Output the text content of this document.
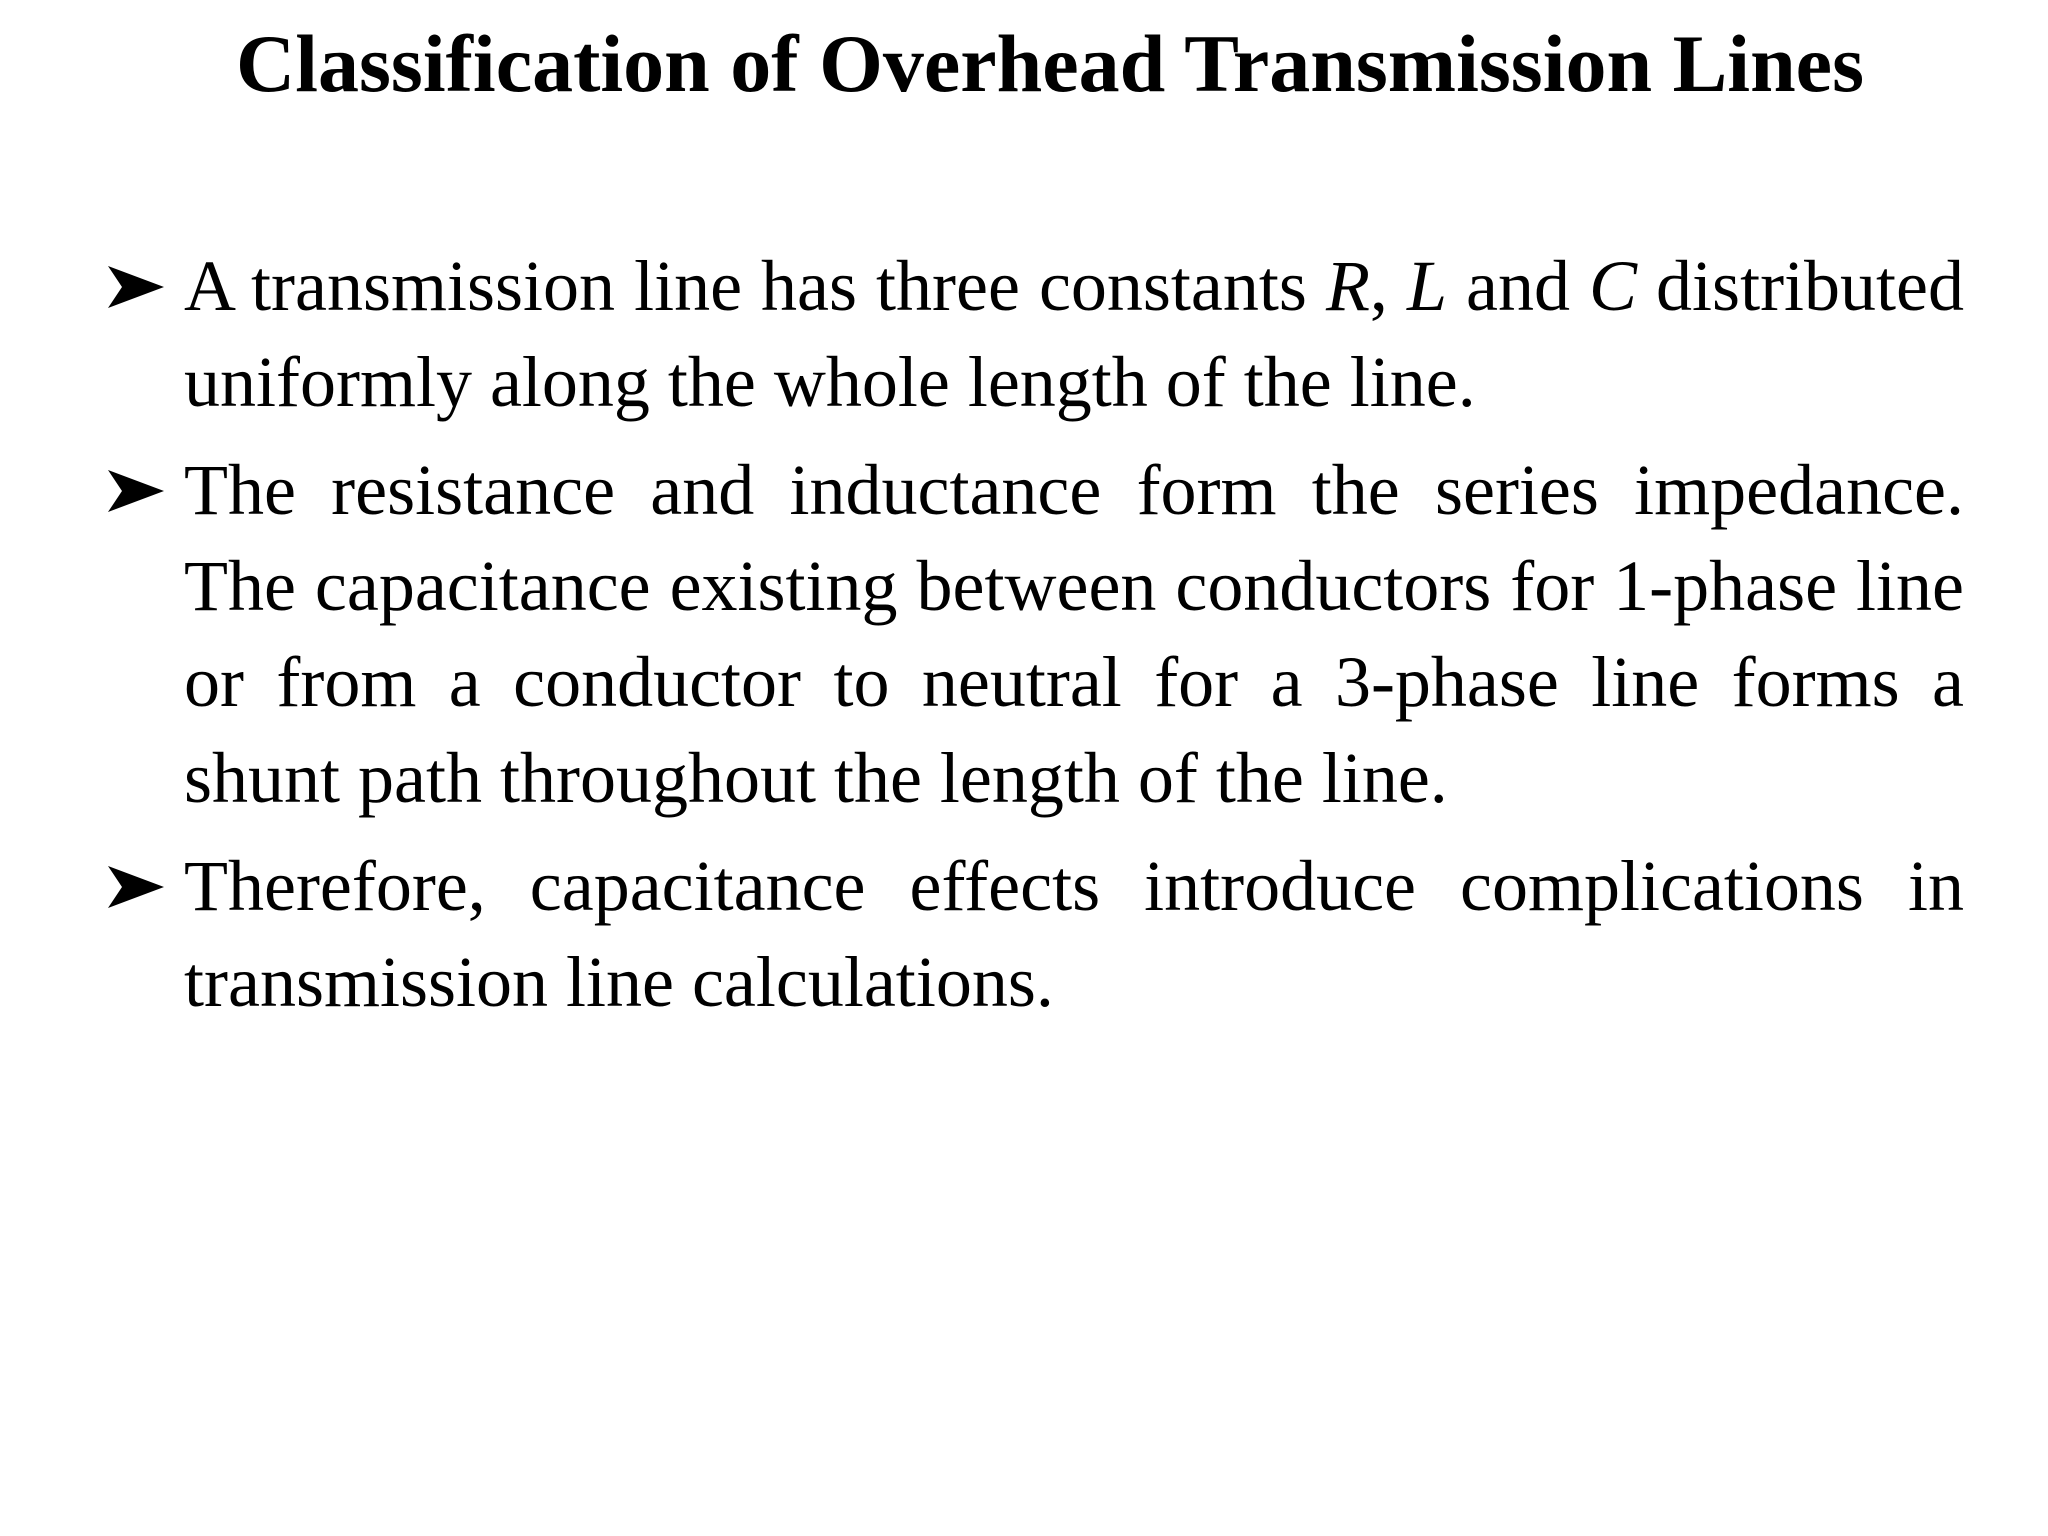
Classification of Overhead Transmission Lines
A transmission line has three constants R, L and C distributed uniformly along the whole length of the line.
The resistance and inductance form the series impedance. The capacitance existing between conductors for 1-phase line or from a conductor to neutral for a 3-phase line forms a shunt path throughout the length of the line.
Therefore, capacitance effects introduce complications in transmission line calculations.
